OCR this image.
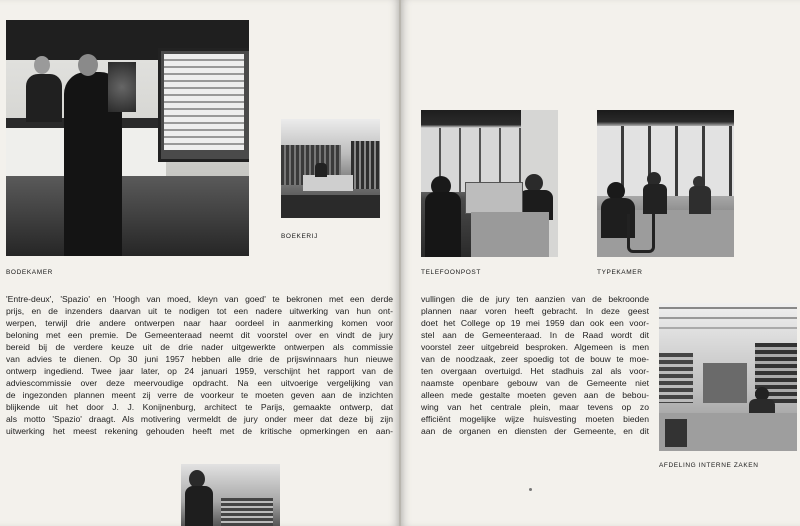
BODEKAMER
BOEKERIJ
'Entre-deux', 'Spazio' en 'Hoogh van moed, kleyn van goed' te bekronen met een derde
prijs, en de inzenders daarvan uit te nodigen tot een nadere uitwerking van hun ont-
werpen, terwijl drie andere ontwerpen naar haar oordeel in aanmerking komen voor
beloning met een premie. De Gemeenteraad neemt dit voorstel over en vindt de jury
bereid bij de verdere keuze uit de drie nader uitgewerkte ontwerpen als commissie
van advies te dienen. Op 30 juni 1957 hebben alle drie de prijswinnaars hun nieuwe
ontwerp ingediend. Twee jaar later, op 24 januari 1959, verschijnt het rapport van de
adviescommissie over deze meervoudige opdracht. Na een uitvoerige vergelijking van
de ingezonden plannen meent zij verre de voorkeur te moeten geven aan de inzichten
blijkende uit het door J. J. Konijnenburg, architect te Parijs, gemaakte ontwerp, dat
als motto 'Spazio' draagt. Als motivering vermeldt de jury onder meer dat deze bij zijn
uitwerking het meest rekening gehouden heeft met de kritische opmerkingen en aan-
TELEFOONPOST	TYPEKAMER
vullingen die de jury ten aanzien van de bekroonde
plannen naar voren heeft gebracht. In deze geest
doet het College op 19 mei 1959 dan ook een voor-
stel aan de Gemeenteraad. In de Raad wordt dit
voorstel zeer uitgebreid besproken. Algemeen is men
van de noodzaak, zeer spoedig tot de bouw te moe-
ten overgaan overtuigd. Het stadhuis zal als voor-
naamste openbare gebouw van de Gemeente niet
alleen mede gestalte moeten geven aan de bebou-
wing van het centrale plein, maar tevens op zo
efficiënt mogelijke wijze huisvesting moeten bieden
aan de organen en diensten der Gemeente, en dit
AFDELING INTERNE ZAKEN
